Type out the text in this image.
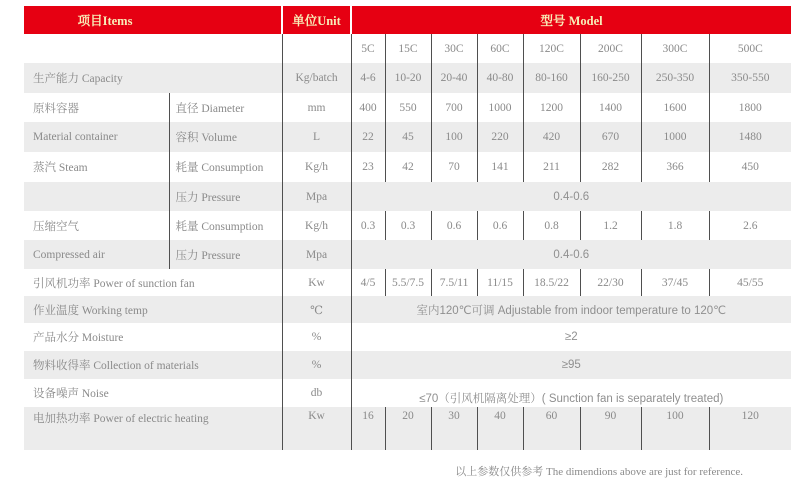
项目Items		单位Unit	型号 Model							
			5C	15C	30C	60C	120C	200C	300C	500C
生产能力 Capacity		Kg/batch	4-6	10-20	20-40	40-80	80-160	160-250	250-350	350-550
原料容器	直径 Diameter	mm	400	550	700	1000	1200	1400	1600	1800
Material container	容积 Volume	L	22	45	100	220	420	670	1000	1480
蒸汽 Steam	耗量 Consumption	Kg/h	23	42	70	141	211	282	366	450
	压力 Pressure	Mpa	0.4-0.6							
压缩空气	耗量 Consumption	Kg/h	0.3	0.3	0.6	0.6	0.8	1.2	1.8	2.6
Compressed air	压力 Pressure	Mpa	0.4-0.6							
引风机功率 Power of sunction fan		Kw	4/5	5.5/7.5	7.5/11	11/15	18.5/22	22/30	37/45	45/55
作业温度 Working temp		℃	室内120℃可调 Adjustable from indoor temperature to 120℃							
产品水分 Moisture		%	≥2							
物料收得率 Collection of materials		%	≥95							
设备噪声 Noise		db	≤70（引风机隔离处理）( Sunction fan is separately treated)							
电加热功率 Power of electric heating		Kw	16	20	30	40	60	90	100	120
以上参数仅供参考 The dimendions above are just for reference.
